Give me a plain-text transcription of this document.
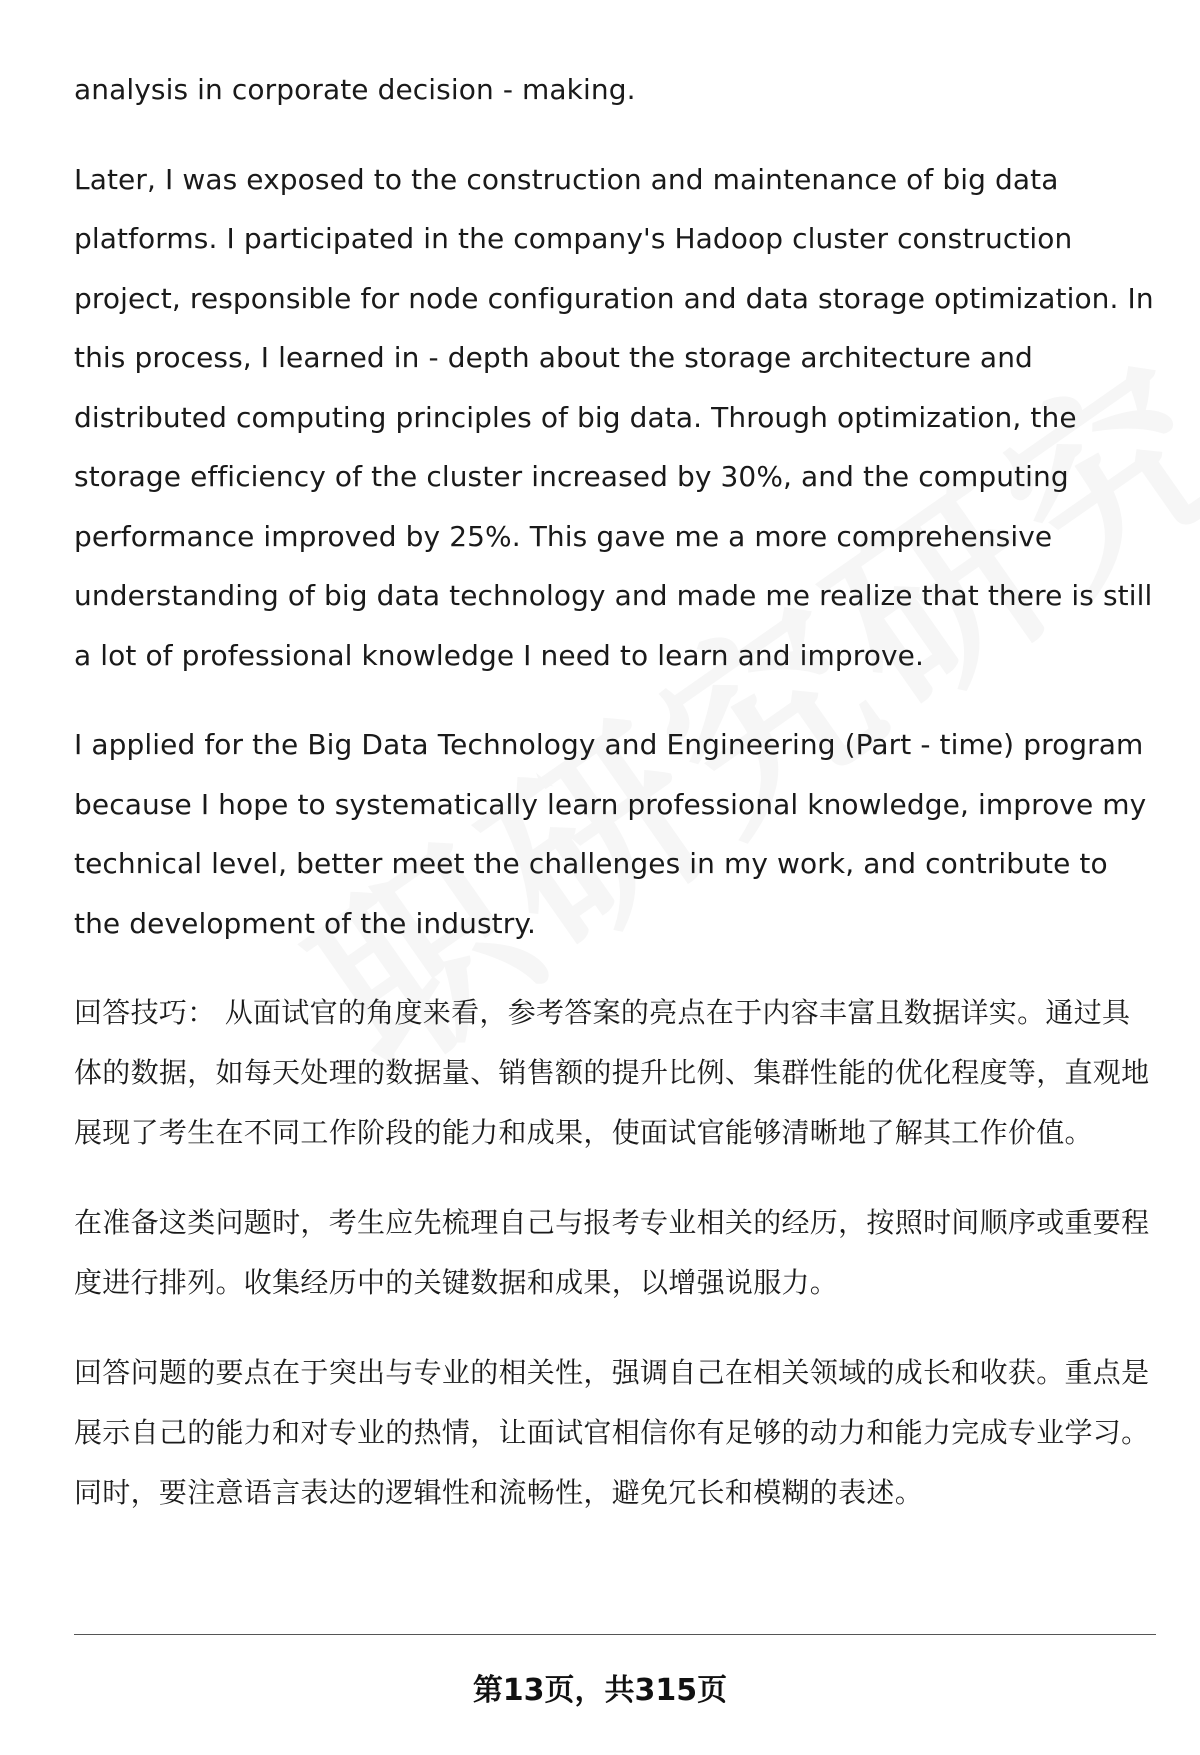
analysis in corporate decision - making.

Later, I was exposed to the construction and maintenance of big data platforms. I participated in the company's Hadoop cluster construction project, responsible for node configuration and data storage optimization. In this process, I learned in - depth about the storage architecture and distributed computing principles of big data. Through optimization, the storage efficiency of the cluster increased by 30%, and the computing performance improved by 25%. This gave me a more comprehensive understanding of big data technology and made me realize that there is still a lot of professional knowledge I need to learn and improve.

I applied for the Big Data Technology and Engineering (Part - time) program because I hope to systematically learn professional knowledge, improve my technical level, better meet the challenges in my work, and contribute to the development of the industry.

回答技巧： 从面试官的角度来看，参考答案的亮点在于内容丰富且数据详实。通过具体的数据，如每天处理的数据量、销售额的提升比例、集群性能的优化程度等，直观地展现了考生在不同工作阶段的能力和成果，使面试官能够清晰地了解其工作价值。

在准备这类问题时，考生应先梳理自己与报考专业相关的经历，按照时间顺序或重要程度进行排列。收集经历中的关键数据和成果，以增强说服力。

回答问题的要点在于突出与专业的相关性，强调自己在相关领域的成长和收获。重点是展示自己的能力和对专业的热情，让面试官相信你有足够的动力和能力完成专业学习。同时，要注意语言表达的逻辑性和流畅性，避免冗长和模糊的表述。

第13页，共315页
